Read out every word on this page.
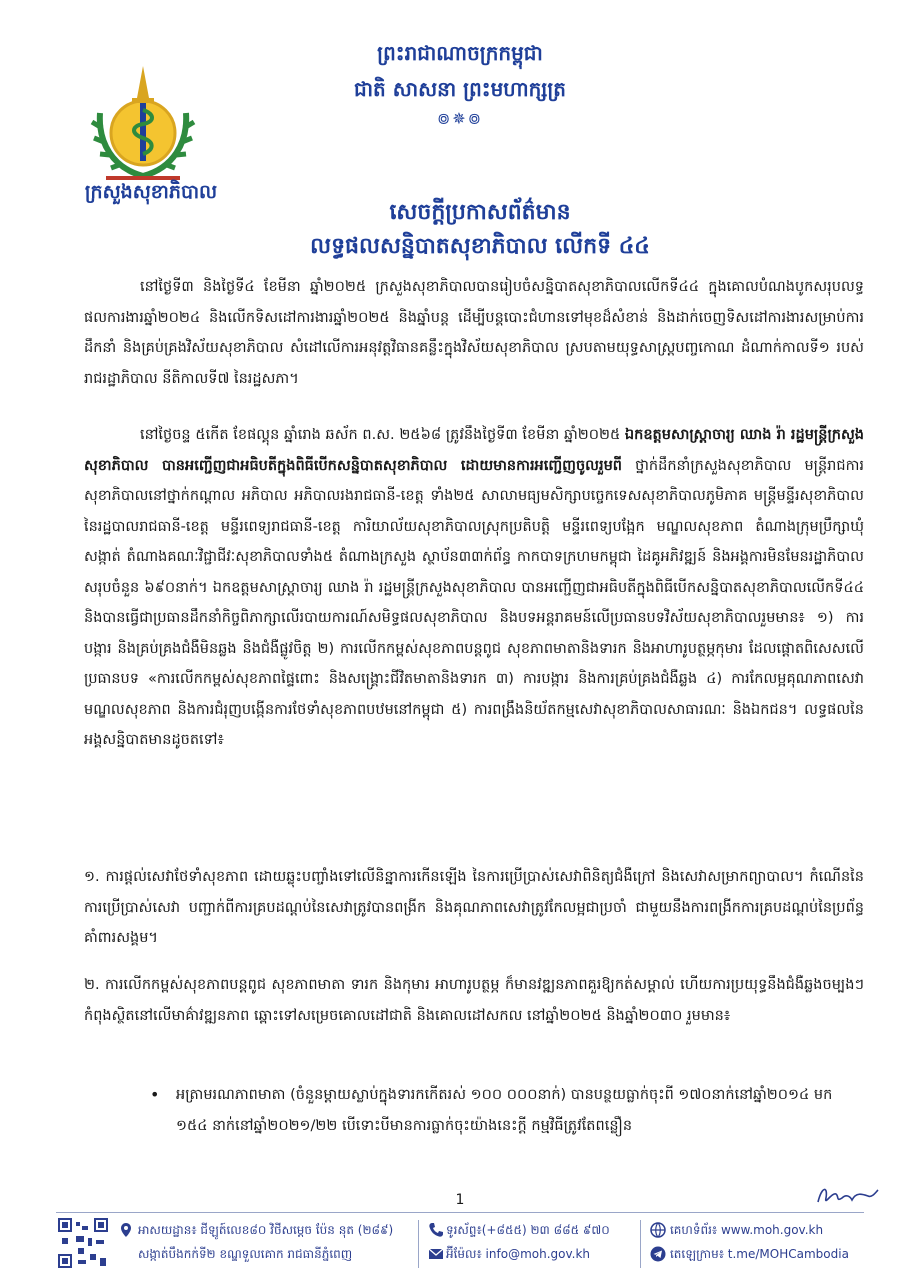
ក្រសួងសុខាភិបាល
ព្រះរាជាណាចក្រកម្ពុជា
ជាតិ សាសនា ព្រះមហាក្សត្រ
៙✵៙
សេចក្តីប្រកាសព័ត៌មាន
លទ្ធផលសន្និបាតសុខាភិបាល លើកទី ៤៤
នៅថ្ងៃទី៣ និងថ្ងៃទី៤ ខែមីនា ឆ្នាំ២០២៥ ក្រសួងសុខាភិបាលបានរៀបចំសន្និបាតសុខាភិបាលលើកទី៤៤ ក្នុងគោលបំណងបូកសរុបលទ្ធផលការងារឆ្នាំ២០២៤ និងលើកទិសដៅការងារឆ្នាំ២០២៥ និងឆ្នាំបន្ត ដើម្បីបន្តបោះជំហានទៅមុខដ៏សំខាន់ និងដាក់ចេញទិសដៅការងារសម្រាប់ការដឹកនាំ និងគ្រប់គ្រងវិស័យសុខាភិបាល សំដៅលើការអនុវត្តវិធានគន្លឹះក្នុងវិស័យសុខាភិបាល ស្របតាមយុទ្ធសាស្ត្របញ្ចកោណ ដំណាក់កាលទី១ របស់រាជរដ្ឋាភិបាល នីតិកាលទី៧ នៃរដ្ឋសភា។
នៅថ្ងៃចន្ទ ៥កើត ខែផល្គុន ឆ្នាំរោង ឆស័ក ព.ស. ២៥៦៨ ត្រូវនឹងថ្ងៃទី៣ ខែមីនា ឆ្នាំ២០២៥ ឯកឧត្តមសាស្ត្រាចារ្យ ឈាង រ៉ា រដ្ឋមន្ត្រីក្រសួងសុខាភិបាល បានអញ្ជើញជាអធិបតីក្នុងពិធីបើកសន្និបាតសុខាភិបាល ដោយមានការអញ្ជើញចូលរួមពី ថ្នាក់ដឹកនាំក្រសួងសុខាភិបាល មន្ត្រីរាជការសុខាភិបាលនៅថ្នាក់កណ្តាល អភិបាល អភិបាលរងរាជធានី-ខេត្ត ទាំង២៥ សាលាមធ្យមសិក្សាបច្ចេកទេសសុខាភិបាលភូមិភាគ មន្ត្រីមន្ទីរសុខាភិបាលនៃរដ្ឋបាលរាជធានី-ខេត្ត មន្ទីរពេទ្យរាជធានី-ខេត្ត ការិយាល័យសុខាភិបាលស្រុកប្រតិបត្តិ មន្ទីរពេទ្យបង្អែក មណ្ឌលសុខភាព តំណាងក្រុមប្រឹក្សាឃុំសង្កាត់ តំណាងគណៈវិជ្ជាជីវៈសុខាភិបាលទាំង៥ តំណាងក្រសួង ស្ថាប័ន៣៣ក់ព័ន្ធ កាកបាទក្រហមកម្ពុជា ដៃគូអភិវឌ្ឍន៍ និងអង្គការមិនមែនរដ្ឋាភិបាល សរុបចំនួន ៦៩០នាក់។ ឯកឧត្តមសាស្ត្រាចារ្យ ឈាង រ៉ា រដ្ឋមន្ត្រីក្រសួងសុខាភិបាល បានអញ្ជើញជាអធិបតីក្នុងពិធីបើកសន្និបាតសុខាភិបាលលើកទី៤៤ និងបានធ្វើជាប្រធានដឹកនាំកិច្ចពិភាក្សាលើរបាយការណ៍សមិទ្ធផលសុខាភិបាល និងបទអន្តរាគមន៍លើប្រធានបទវិស័យសុខាភិបាលរួមមាន៖ ១) ការបង្ការ និងគ្រប់គ្រងជំងឺមិនឆ្លង និងជំងឺផ្លូវចិត្ត ២) ការលើកកម្ពស់សុខភាពបន្តពូជ សុខភាពមាតានិងទារក និងអាហារូបត្ថម្ភកុមារ ដែលផ្តោតពិសេសលើប្រធានបទ «ការលើកកម្ពស់សុខភាពផ្ទៃពោះ និងសង្គ្រោះជីវិតមាតានិងទារក ៣) ការបង្ការ និងការគ្រប់គ្រងជំងឺឆ្លង ៤) ការកែលម្អគុណភាពសេវាមណ្ឌលសុខភាព និងការជំរុញបង្កើនការថែទាំសុខភាពបឋមនៅកម្ពុជា ៥) ការពង្រឹងនិយ័តកម្មសេវាសុខាភិបាលសាធារណៈ និងឯកជន។ លទ្ធផលនៃអង្គសន្និបាតមានដូចតទៅ៖
១. ការផ្តល់សេវាថែទាំសុខភាព ដោយឆ្លុះបញ្ចាំងទៅលើនិន្នាការកើនឡើង នៃការប្រើប្រាស់សេវាពិនិត្យជំងឺក្រៅ និងសេវាសម្រាកព្យាបាល។ កំណើននៃការប្រើប្រាស់សេវា បញ្ជាក់ពីការគ្របដណ្តប់នៃសេវាត្រូវបានពង្រីក និងគុណភាពសេវាត្រូវកែលម្អជាប្រចាំ ជាមួយនឹងការពង្រីកការគ្របដណ្តប់នៃប្រព័ន្ធគាំពារសង្គម។
២. ការលើកកម្ពស់សុខភាពបន្តពូជ សុខភាពមាតា ទារក និងកុមារ អាហារូបត្ថម្ភ ក៏មានវឌ្ឍនភាពគួរឱ្យកត់សម្គាល់ ហើយការប្រយុទ្ធនឹងជំងឺឆ្លងចម្បងៗ កំពុងស្ថិតនៅលើមាគ៌ាវឌ្ឍនភាព ឆ្ពោះទៅសម្រេចគោលដៅជាតិ និងគោលដៅសកល នៅឆ្នាំ២០២៥ និងឆ្នាំ២០៣០ រួមមាន៖
• អត្រាមរណភាពមាតា (ចំនួនម្តាយស្លាប់ក្នុងទារកកើតរស់ ១០០ ០០០នាក់) បានបន្ថយធ្លាក់ចុះពី ១៧០នាក់នៅឆ្នាំ២០១៤ មក ១៥៤ នាក់នៅឆ្នាំ២០២១/២២ បើទោះបីមានការធ្លាក់ចុះយ៉ាងនេះក្តី កម្មវិធីត្រូវតែពន្លឿន
1
អាសយដ្ឋាន៖ ជីឡូត៍លេខ៨០ វិថីសម្តេច ប៉ែន នុត (២៨៩)
សង្កាត់បឹងកក់ទី២ ខណ្ឌទួលគោក រាជធានីភ្នំពេញ
ទូរស័ព្ទ៖(+៨៥៥) ២៣ ៨៨៥ ៩៧០
អ៊ីម៉ែល៖ info@moh.gov.kh
គេហទំព័រ៖ www.moh.gov.kh
តេឡេក្រាម៖ t.me/MOHCambodia
